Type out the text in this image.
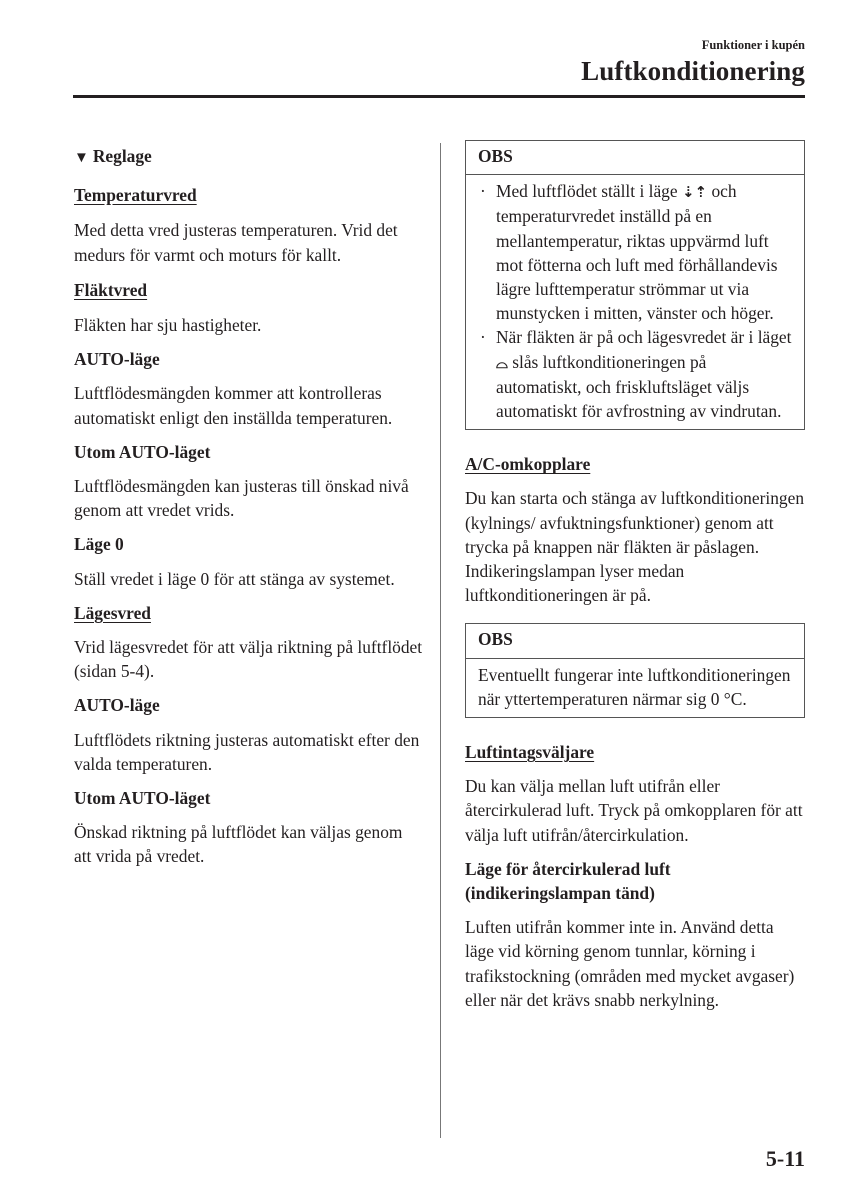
Funktioner i kupén
Luftkonditionering

▼ Reglage

Temperaturvred

Med detta vred justeras temperaturen. Vrid det medurs för varmt och moturs för kallt.

Fläktvred

Fläkten har sju hastigheter.

AUTO-läge

Luftflödesmängden kommer att kontrolleras automatiskt enligt den inställda temperaturen.

Utom AUTO-läget

Luftflödesmängden kan justeras till önskad nivå genom att vredet vrids.

Läge 0

Ställ vredet i läge 0 för att stänga av systemet.

Lägesvred

Vrid lägesvredet för att välja riktning på luftflödet (sidan 5-4).

AUTO-läge

Luftflödets riktning justeras automatiskt efter den valda temperaturen.

Utom AUTO-läget

Önskad riktning på luftflödet kan väljas genom att vrida på vredet.

OBS
· Med luftflödet ställt i läge ⇣⇡ och temperaturvredet inställd på en mellantemperatur, riktas uppvärmd luft mot fötterna och luft med förhållandevis lägre lufttemperatur strömmar ut via munstycken i mitten, vänster och höger.
· När fläkten är på och lägesvredet är i läget ⌓ slås luftkonditioneringen på automatiskt, och friskluftsläget väljs automatiskt för avfrostning av vindrutan.

A/C-omkopplare

Du kan starta och stänga av luftkonditioneringen (kylnings/ avfuktningsfunktioner) genom att trycka på knappen när fläkten är påslagen. Indikeringslampan lyser medan luftkonditioneringen är på.

OBS
Eventuellt fungerar inte luftkonditioneringen när yttertemperaturen närmar sig 0 °C.

Luftintagsväljare

Du kan välja mellan luft utifrån eller återcirkulerad luft. Tryck på omkopplaren för att välja luft utifrån/återcirkulation.

Läge för återcirkulerad luft (indikeringslampan tänd)

Luften utifrån kommer inte in. Använd detta läge vid körning genom tunnlar, körning i trafikstockning (områden med mycket avgaser) eller när det krävs snabb nerkylning.

5-11
